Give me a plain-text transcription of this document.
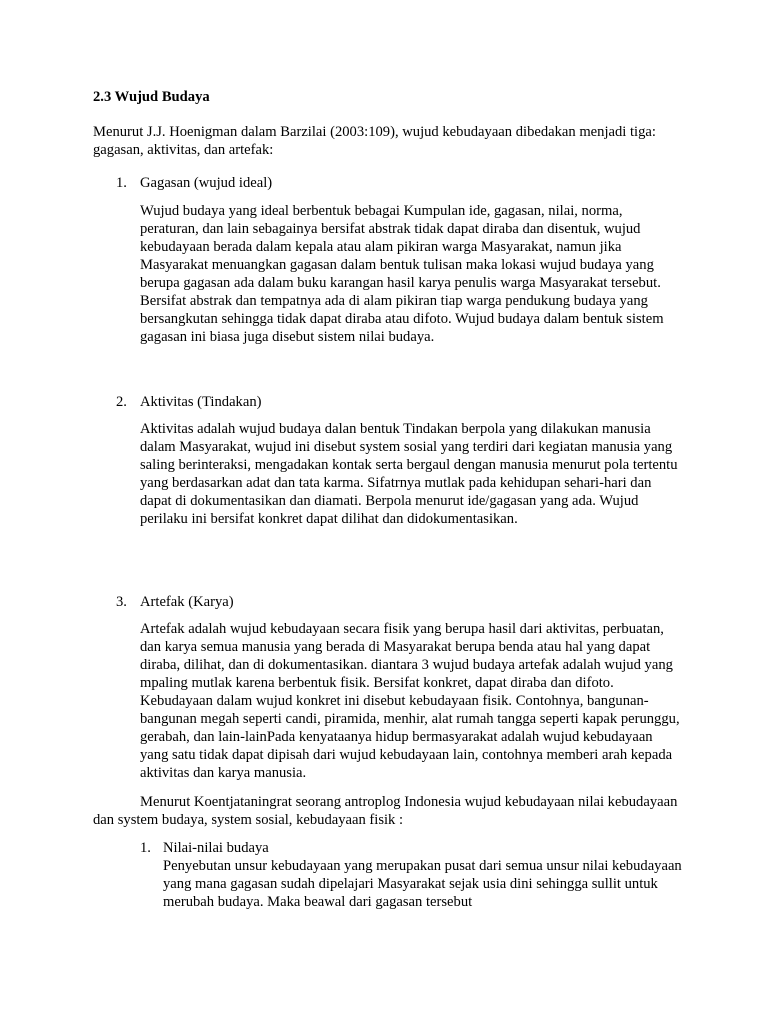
2.3 Wujud Budaya

Menurut J.J. Hoenigman dalam Barzilai (2003:109), wujud kebudayaan dibedakan menjadi tiga: gagasan, aktivitas, dan artefak:

1. Gagasan (wujud ideal)

Wujud budaya yang ideal berbentuk bebagai Kumpulan ide, gagasan, nilai, norma, peraturan, dan lain sebagainya bersifat abstrak tidak dapat diraba dan disentuk, wujud kebudayaan berada dalam kepala atau alam pikiran warga Masyarakat, namun jika Masyarakat menuangkan gagasan dalam bentuk tulisan maka lokasi wujud budaya yang berupa gagasan ada dalam buku karangan hasil karya penulis warga Masyarakat tersebut. Bersifat abstrak dan tempatnya ada di alam pikiran tiap warga pendukung budaya yang bersangkutan sehingga tidak dapat diraba atau difoto. Wujud budaya dalam bentuk sistem gagasan ini biasa juga disebut sistem nilai budaya.

2. Aktivitas (Tindakan)

Aktivitas adalah wujud budaya dalan bentuk Tindakan berpola yang dilakukan manusia dalam Masyarakat, wujud ini disebut system sosial yang terdiri dari kegiatan manusia yang saling berinteraksi, mengadakan kontak serta bergaul dengan manusia menurut pola tertentu yang berdasarkan adat dan tata karma. Sifatrnya mutlak pada kehidupan sehari-hari dan dapat di dokumentasikan dan diamati. Berpola menurut ide/gagasan yang ada. Wujud perilaku ini bersifat konkret dapat dilihat dan didokumentasikan.

3. Artefak (Karya)

Artefak adalah wujud kebudayaan secara fisik yang berupa hasil dari aktivitas, perbuatan, dan karya semua manusia yang berada di Masyarakat berupa benda atau hal yang dapat diraba, dilihat, dan di dokumentasikan. diantara 3 wujud budaya artefak adalah wujud yang mpaling mutlak karena berbentuk fisik. Bersifat konkret, dapat diraba dan difoto. Kebudayaan dalam wujud konkret ini disebut kebudayaan fisik. Contohnya, bangunan- bangunan megah seperti candi, piramida, menhir, alat rumah tangga seperti kapak perunggu, gerabah, dan lain-lainPada kenyataanya hidup bermasyarakat adalah wujud kebudayaan yang satu tidak dapat dipisah dari wujud kebudayaan lain, contohnya memberi arah kepada aktivitas dan karya manusia.

Menurut Koentjataningrat seorang antroplog Indonesia wujud kebudayaan nilai kebudayaan dan system budaya, system sosial, kebudayaan fisik :

1. Nilai-nilai budaya

Penyebutan unsur kebudayaan yang merupakan pusat dari semua unsur nilai kebudayaan yang mana gagasan sudah dipelajari Masyarakat sejak usia dini sehingga sullit untuk merubah budaya. Maka beawal dari gagasan tersebut
